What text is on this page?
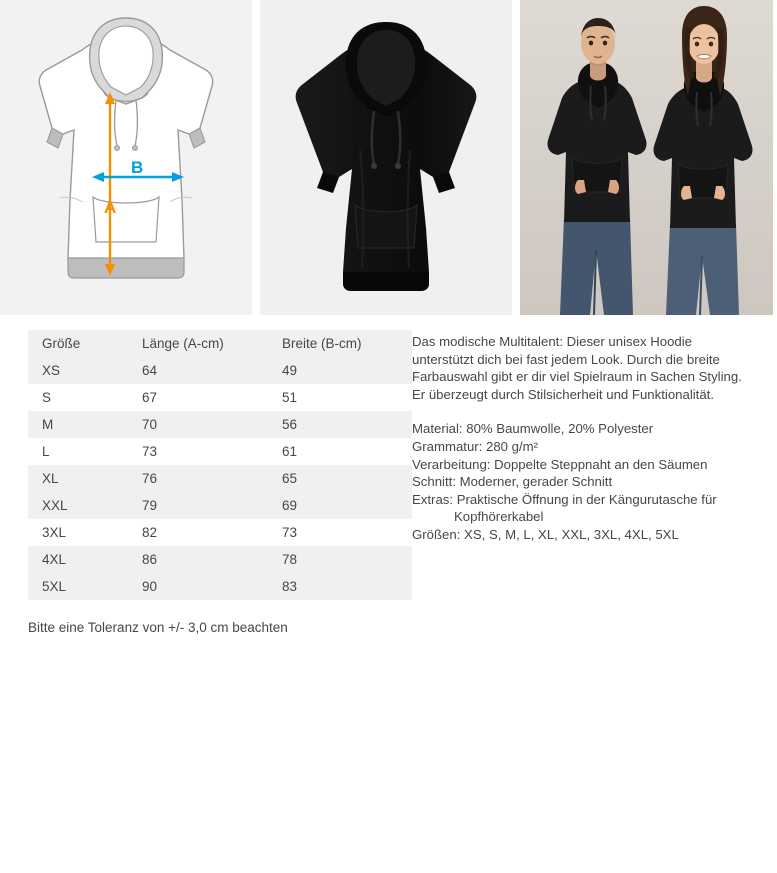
A
B
Größe	Länge (A-cm)	Breite (B-cm)
XS	64	49
S	67	51
M	70	56
L	73	61
XL	76	65
XXL	79	69
3XL	82	73
4XL	86	78
5XL	90	83
Bitte eine Toleranz von +/- 3,0 cm beachten

Das modische Multitalent: Dieser unisex Hoodie unterstützt dich bei fast jedem Look. Durch die breite Farbauswahl gibt er dir viel Spielraum in Sachen Styling. Er überzeugt durch Stilsicherheit und Funktionalität.

Material: 80% Baumwolle, 20% Polyester

Grammatur: 280 g/m²

Verarbeitung: Doppelte Steppnaht an den Säumen

Schnitt: Moderner, gerader Schnitt

Extras: Praktische Öffnung in der Kängurutasche für

Kopfhörerkabel

Größen: XS, S, M, L, XL, XXL, 3XL, 4XL, 5XL
